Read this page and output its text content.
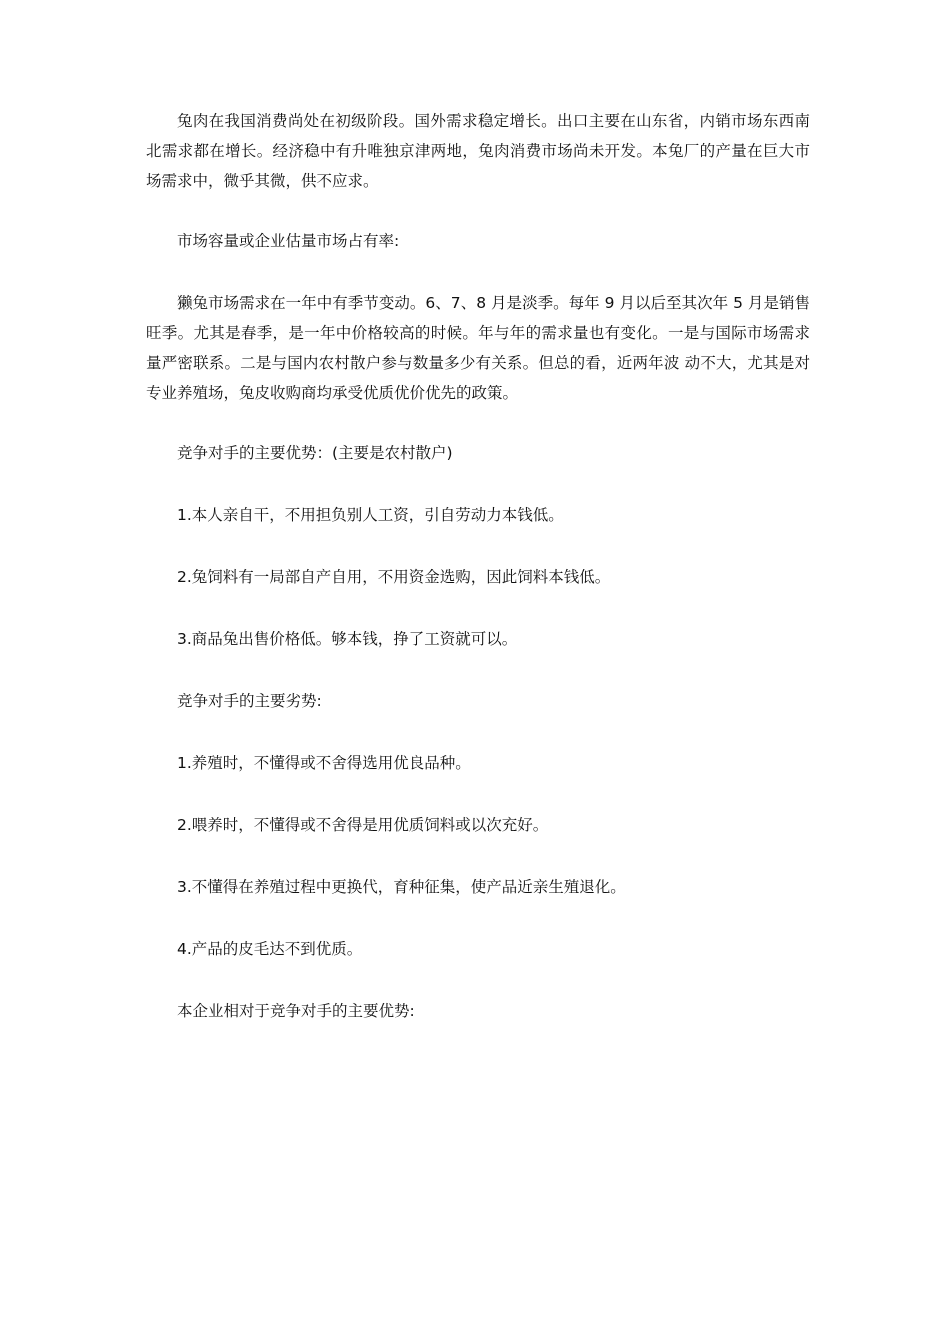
兔肉在我国消费尚处在初级阶段。国外需求稳定增长。出口主要在山东省，内销市场东西南北需求都在增长。经济稳中有升唯独京津两地，兔肉消费市场尚未开发。本兔厂的产量在巨大市场需求中，微乎其微，供不应求。

市场容量或企业估量市场占有率:

獭兔市场需求在一年中有季节变动。6、7、8 月是淡季。每年 9 月以后至其次年 5 月是销售旺季。尤其是春季，是一年中价格较高的时候。年与年的需求量也有变化。一是与国际市场需求量严密联系。二是与国内农村散户参与数量多少有关系。但总的看，近两年波 动不大，尤其是对专业养殖场，兔皮收购商均承受优质优价优先的政策。

竞争对手的主要优势：(主要是农村散户)

1.本人亲自干，不用担负别人工资，引自劳动力本钱低。

2.兔饲料有一局部自产自用，不用资金选购，因此饲料本钱低。

3.商品兔出售价格低。够本钱，挣了工资就可以。

竞争对手的主要劣势:

1.养殖时，不懂得或不舍得选用优良品种。

2.喂养时，不懂得或不舍得是用优质饲料或以次充好。

3.不懂得在养殖过程中更换代，育种征集，使产品近亲生殖退化。

4.产品的皮毛达不到优质。

本企业相对于竞争对手的主要优势:
